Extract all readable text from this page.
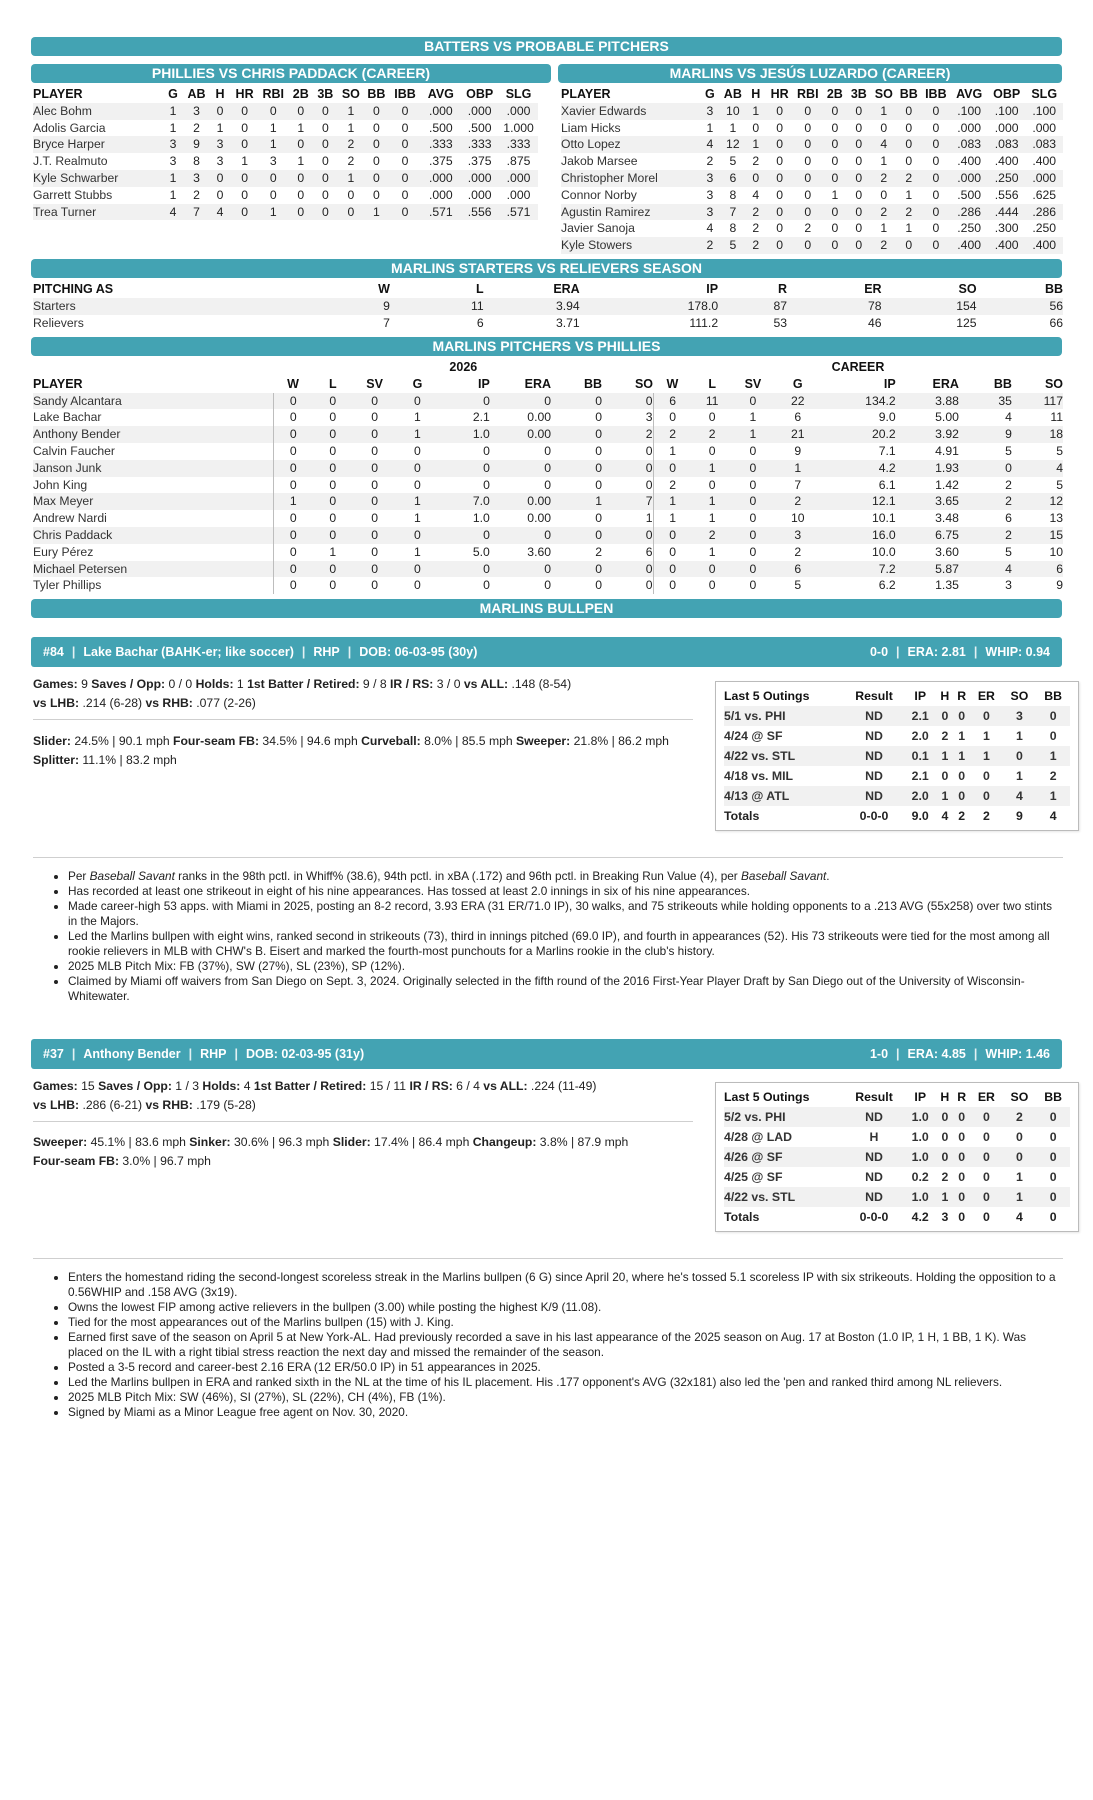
BATTERS VS PROBABLE PITCHERS
PHILLIES VS CHRIS PADDACK (CAREER)
PLAYER	G	AB	H	HR	RBI	2B	3B	SO	BB	IBB	AVG	OBP	SLG
Alec Bohm	1	3	0	0	0	0	0	1	0	0	.000	.000	.000
Adolis Garcia	1	2	1	0	1	1	0	1	0	0	.500	.500	1.000
Bryce Harper	3	9	3	0	1	0	0	2	0	0	.333	.333	.333
J.T. Realmuto	3	8	3	1	3	1	0	2	0	0	.375	.375	.875
Kyle Schwarber	1	3	0	0	0	0	0	1	0	0	.000	.000	.000
Garrett Stubbs	1	2	0	0	0	0	0	0	0	0	.000	.000	.000
Trea Turner	4	7	4	0	1	0	0	0	1	0	.571	.556	.571
MARLINS VS JESÚS LUZARDO (CAREER)
PLAYER	G	AB	H	HR	RBI	2B	3B	SO	BB	IBB	AVG	OBP	SLG
Xavier Edwards	3	10	1	0	0	0	0	1	0	0	.100	.100	.100
Liam Hicks	1	1	0	0	0	0	0	0	0	0	.000	.000	.000
Otto Lopez	4	12	1	0	0	0	0	4	0	0	.083	.083	.083
Jakob Marsee	2	5	2	0	0	0	0	1	0	0	.400	.400	.400
Christopher Morel	3	6	0	0	0	0	0	2	2	0	.000	.250	.000
Connor Norby	3	8	4	0	0	1	0	0	1	0	.500	.556	.625
Agustin Ramirez	3	7	2	0	0	0	0	2	2	0	.286	.444	.286
Javier Sanoja	4	8	2	0	2	0	0	1	1	0	.250	.300	.250
Kyle Stowers	2	5	2	0	0	0	0	2	0	0	.400	.400	.400
MARLINS STARTERS VS RELIEVERS SEASON
PITCHING AS	W	L	ERA	IP	R	ER	SO	BB
Starters	9	11	3.94	178.0	87	78	154	56
Relievers	7	6	3.71	111.2	53	46	125	66
MARLINS PITCHERS VS PHILLIES
	2026								CAREER							
PLAYER	W	L	SV	G	IP	ERA	BB	SO	W	L	SV	G	IP	ERA	BB	SO
Sandy Alcantara	0	0	0	0	0	0	0	0	6	11	0	22	134.2	3.88	35	117
Lake Bachar	0	0	0	1	2.1	0.00	0	3	0	0	1	6	9.0	5.00	4	11
Anthony Bender	0	0	0	1	1.0	0.00	0	2	2	2	1	21	20.2	3.92	9	18
Calvin Faucher	0	0	0	0	0	0	0	0	1	0	0	9	7.1	4.91	5	5
Janson Junk	0	0	0	0	0	0	0	0	0	1	0	1	4.2	1.93	0	4
John King	0	0	0	0	0	0	0	0	2	0	0	7	6.1	1.42	2	5
Max Meyer	1	0	0	1	7.0	0.00	1	7	1	1	0	2	12.1	3.65	2	12
Andrew Nardi	0	0	0	1	1.0	0.00	0	1	1	1	0	10	10.1	3.48	6	13
Chris Paddack	0	0	0	0	0	0	0	0	0	2	0	3	16.0	6.75	2	15
Eury Pérez	0	1	0	1	5.0	3.60	2	6	0	1	0	2	10.0	3.60	5	10
Michael Petersen	0	0	0	0	0	0	0	0	0	0	0	6	7.2	5.87	4	6
Tyler Phillips	0	0	0	0	0	0	0	0	0	0	0	5	6.2	1.35	3	9
MARLINS BULLPEN
#84 | Lake Bachar (BAHK-er; like soccer) | RHP | DOB: 06-03-95 (30y)	0-0 | ERA: 2.81 | WHIP: 0.94
Games: 9 Saves / Opp: 0 / 0 Holds: 1 1st Batter / Retired: 9 / 8 IR / RS: 3 / 0 vs ALL: .148 (8-54)
vs LHB: .214 (6-28) vs RHB: .077 (2-26)
Slider: 24.5% | 90.1 mph Four-seam FB: 34.5% | 94.6 mph Curveball: 8.0% | 85.5 mph Sweeper: 21.8% | 86.2 mph
Splitter: 11.1% | 83.2 mph
Last 5 Outings	Result	IP	H	R	ER	SO	BB
5/1 vs. PHI	ND	2.1	0	0	0	3	0
4/24 @ SF	ND	2.0	2	1	1	1	0
4/22 vs. STL	ND	0.1	1	1	1	0	1
4/18 vs. MIL	ND	2.1	0	0	0	1	2
4/13 @ ATL	ND	2.0	1	0	0	4	1
Totals	0-0-0	9.0	4	2	2	9	4
• Per Baseball Savant ranks in the 98th pctl. in Whiff% (38.6), 94th pctl. in xBA (.172) and 96th pctl. in Breaking Run Value (4), per Baseball Savant.
• Has recorded at least one strikeout in eight of his nine appearances. Has tossed at least 2.0 innings in six of his nine appearances.
• Made career-high 53 apps. with Miami in 2025, posting an 8-2 record, 3.93 ERA (31 ER/71.0 IP), 30 walks, and 75 strikeouts while holding opponents to a .213 AVG (55x258) over two stints in the Majors.
• Led the Marlins bullpen with eight wins, ranked second in strikeouts (73), third in innings pitched (69.0 IP), and fourth in appearances (52). His 73 strikeouts were tied for the most among all rookie relievers in MLB with CHW's B. Eisert and marked the fourth-most punchouts for a Marlins rookie in the club's history.
• 2025 MLB Pitch Mix: FB (37%), SW (27%), SL (23%), SP (12%).
• Claimed by Miami off waivers from San Diego on Sept. 3, 2024. Originally selected in the fifth round of the 2016 First-Year Player Draft by San Diego out of the University of Wisconsin-Whitewater.
#37 | Anthony Bender | RHP | DOB: 02-03-95 (31y)	1-0 | ERA: 4.85 | WHIP: 1.46
Games: 15 Saves / Opp: 1 / 3 Holds: 4 1st Batter / Retired: 15 / 11 IR / RS: 6 / 4 vs ALL: .224 (11-49)
vs LHB: .286 (6-21) vs RHB: .179 (5-28)
Sweeper: 45.1% | 83.6 mph Sinker: 30.6% | 96.3 mph Slider: 17.4% | 86.4 mph Changeup: 3.8% | 87.9 mph
Four-seam FB: 3.0% | 96.7 mph
Last 5 Outings	Result	IP	H	R	ER	SO	BB
5/2 vs. PHI	ND	1.0	0	0	0	2	0
4/28 @ LAD	H	1.0	0	0	0	0	0
4/26 @ SF	ND	1.0	0	0	0	0	0
4/25 @ SF	ND	0.2	2	0	0	1	0
4/22 vs. STL	ND	1.0	1	0	0	1	0
Totals	0-0-0	4.2	3	0	0	4	0
• Enters the homestand riding the second-longest scoreless streak in the Marlins bullpen (6 G) since April 20, where he's tossed 5.1 scoreless IP with six strikeouts. Holding the opposition to a 0.56WHIP and .158 AVG (3x19).
• Owns the lowest FIP among active relievers in the bullpen (3.00) while posting the highest K/9 (11.08).
• Tied for the most appearances out of the Marlins bullpen (15) with J. King.
• Earned first save of the season on April 5 at New York-AL. Had previously recorded a save in his last appearance of the 2025 season on Aug. 17 at Boston (1.0 IP, 1 H, 1 BB, 1 K). Was placed on the IL with a right tibial stress reaction the next day and missed the remainder of the season.
• Posted a 3-5 record and career-best 2.16 ERA (12 ER/50.0 IP) in 51 appearances in 2025.
• Led the Marlins bullpen in ERA and ranked sixth in the NL at the time of his IL placement. His .177 opponent's AVG (32x181) also led the 'pen and ranked third among NL relievers.
• 2025 MLB Pitch Mix: SW (46%), SI (27%), SL (22%), CH (4%), FB (1%).
• Signed by Miami as a Minor League free agent on Nov. 30, 2020.
